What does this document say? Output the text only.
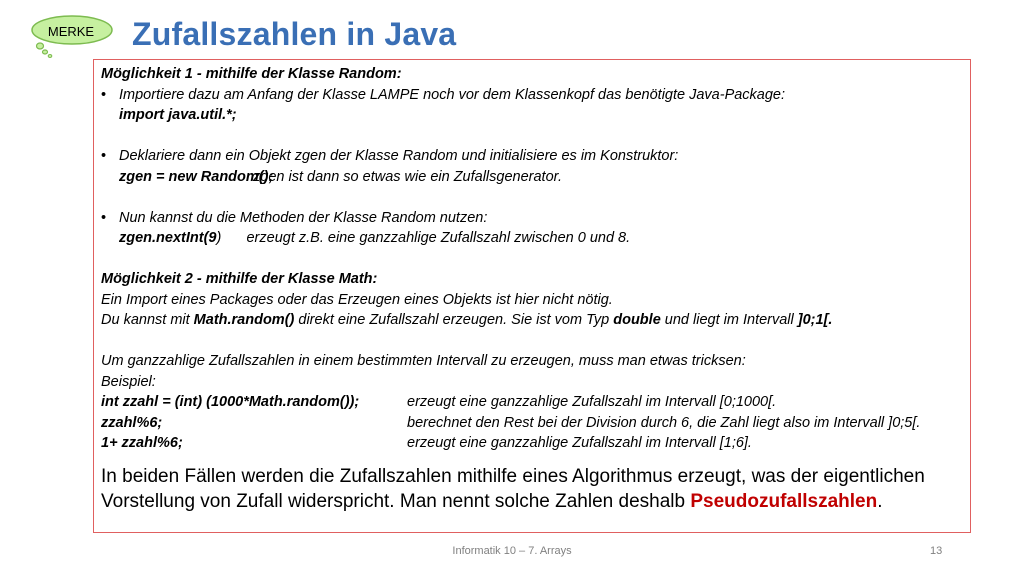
MERKE	Zufallszahlen in Java
Möglichkeit 1 - mithilfe der Klasse Random:
• Importiere dazu am Anfang der Klasse LAMPE noch vor dem Klassenkopf das benötigte Java-Package:
import java.util.*;
• Deklariere dann ein Objekt zgen der Klasse Random und initialisiere es im Konstruktor:
zgen = new Random();zgen ist dann so etwas wie ein Zufallsgenerator.
• Nun kannst du die Methoden der Klasse Random nutzen:
zgen.nextInt(9) erzeugt z.B. eine ganzzahlige Zufallszahl zwischen 0 und 8.
Möglichkeit 2 - mithilfe der Klasse Math:
Ein Import eines Packages oder das Erzeugen eines Objekts ist hier nicht nötig.
Du kannst mit Math.random() direkt eine Zufallszahl erzeugen. Sie ist vom Typ double und liegt im Intervall ]0;1[.
Um ganzzahlige Zufallszahlen in einem bestimmten Intervall zu erzeugen, muss man etwas tricksen:
Beispiel:
int zzahl = (int) (1000*Math.random());	erzeugt eine ganzzahlige Zufallszahl im Intervall [0;1000[.
zzahl%6;	berechnet den Rest bei der Division durch 6, die Zahl liegt also im Intervall ]0;5[.
1+ zzahl%6;	erzeugt eine ganzzahlige Zufallszahl im Intervall [1;6].
In beiden Fällen werden die Zufallszahlen mithilfe eines Algorithmus erzeugt, was der eigentlichen Vorstellung von Zufall widerspricht. Man nennt solche Zahlen deshalb Pseudozufallszahlen.
Informatik 10 – 7. Arrays	13
